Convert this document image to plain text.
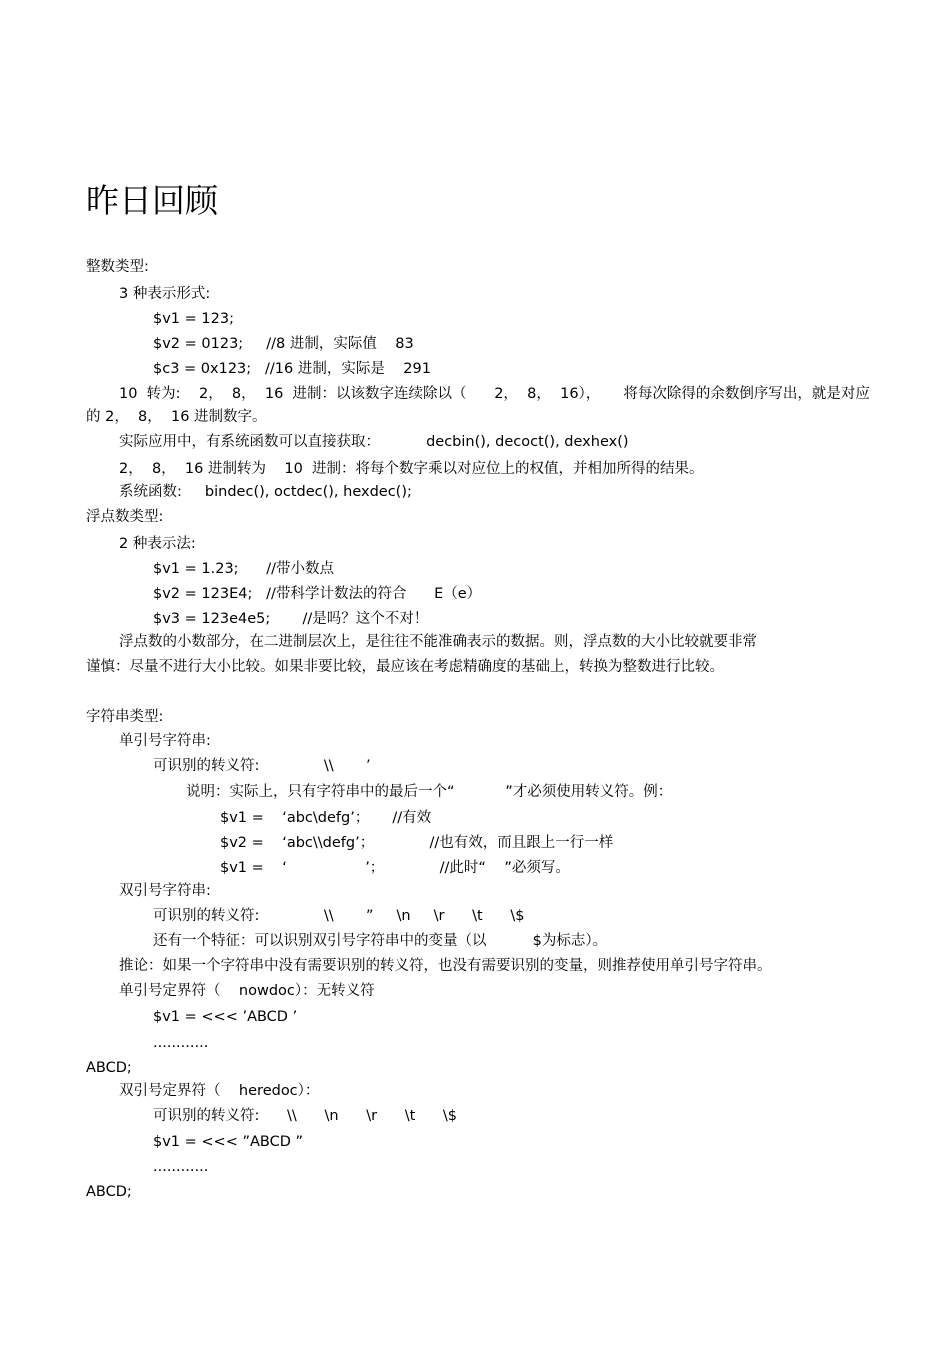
昨日回顾
整数类型:
3 种表示形式:
$v1 = 123;
$v2 = 0123;     //8 进制，实际值    83
$c3 = 0x123;   //16 进制，实际是    291
10  转为:    2，  8，  16  进制：以该数字连续除以（      2，  8，  16），     将每次除得的余数倒序写出，就是对应
的 2，  8，  16 进制数字。
实际应用中，有系统函数可以直接获取：          decbin(), decoct(), dexhex()
2，  8，  16 进制转为    10  进制：将每个数字乘以对应位上的权值，并相加所得的结果。
系统函数:     bindec(), octdec(), hexdec();
浮点数类型:
2 种表示法:
$v1 = 1.23;      //带小数点
$v2 = 123E4;   //带科学计数法的符合      E（e）
$v3 = 123e4e5;       //是吗？这个不对！
浮点数的小数部分，在二进制层次上，是往往不能准确表示的数据。则，浮点数的大小比较就要非常
谨慎：尽量不进行大小比较。如果非要比较，最应该在考虑精确度的基础上，转换为整数进行比较。
字符串类型:
单引号字符串:
可识别的转义符:              \\       ’
说明：实际上，只有字符串中的最后一个“           ”才必须使用转义符。例：
$v1 =    ‘abc\defg’；     //有效
$v2 =    ‘abc\\defg’；            //也有效，而且跟上一行一样
$v1 =    ‘                 ’；            //此时“    ”必须写。
双引号字符串:
可识别的转义符:              \\       ”     \n     \r      \t      \$
还有一个特征：可以识别双引号字符串中的变量（以          $为标志）。
推论：如果一个字符串中没有需要识别的转义符，也没有需要识别的变量，则推荐使用单引号字符串。
单引号定界符（    nowdoc）：无转义符
$v1 = <<< ’ABCD ’
............
ABCD;
双引号定界符（    heredoc）：
可识别的转义符:      \\      \n      \r      \t      \$
$v1 = <<< ”ABCD ”
............
ABCD;
